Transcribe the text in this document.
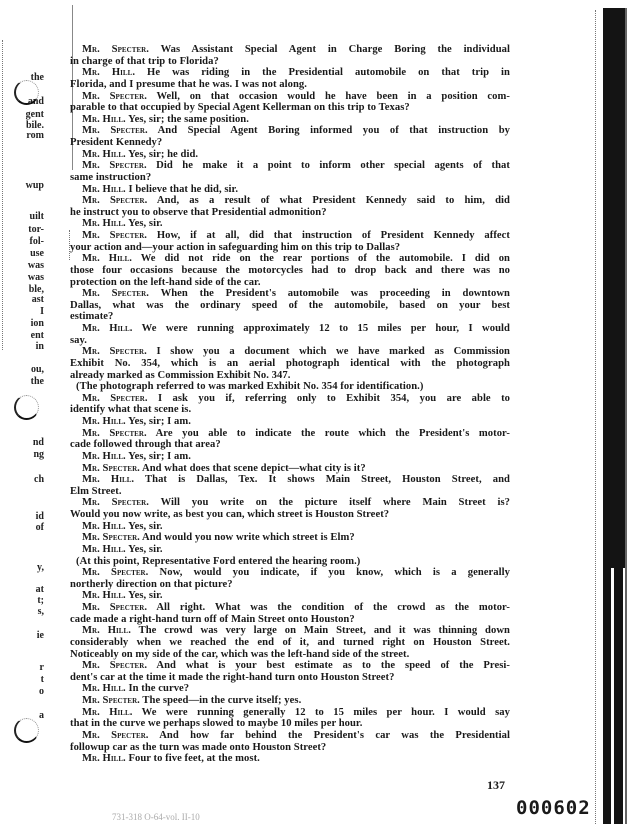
the
and
gent
bile.
rom
wup
uilt
tor-
fol-
use
was
was
ble,
ast
I
ion
ent
in
ou,
the
nd
ng
ch
id
of
y,
at
t;
s,
ie
r
t
o
a
Mr. Specter. Was Assistant Special Agent in Charge Boring the individual
in charge of that trip to Florida?
Mr. Hill. He was riding in the Presidential automobile on that trip in
Florida, and I presume that he was. I was not along.
Mr. Specter. Well, on that occasion would he have been in a position com-
parable to that occupied by Special Agent Kellerman on this trip to Texas?
Mr. Hill. Yes, sir; the same position.
Mr. Specter. And Special Agent Boring informed you of that instruction by
President Kennedy?
Mr. Hill. Yes, sir; he did.
Mr. Specter. Did he make it a point to inform other special agents of that
same instruction?
Mr. Hill. I believe that he did, sir.
Mr. Specter. And, as a result of what President Kennedy said to him, did
he instruct you to observe that Presidential admonition?
Mr. Hill. Yes, sir.
Mr. Specter. How, if at all, did that instruction of President Kennedy affect
your action and—your action in safeguarding him on this trip to Dallas?
Mr. Hill. We did not ride on the rear portions of the automobile. I did on
those four occasions because the motorcycles had to drop back and there was no
protection on the left-hand side of the car.
Mr. Specter. When the President's automobile was proceeding in downtown
Dallas, what was the ordinary speed of the automobile, based on your best
estimate?
Mr. Hill. We were running approximately 12 to 15 miles per hour, I would
say.
Mr. Specter. I show you a document which we have marked as Commission
Exhibit No. 354, which is an aerial photograph identical with the photograph
already marked as Commission Exhibit No. 347.
(The photograph referred to was marked Exhibit No. 354 for identification.)
Mr. Specter. I ask you if, referring only to Exhibit 354, you are able to
identify what that scene is.
Mr. Hill. Yes, sir; I am.
Mr. Specter. Are you able to indicate the route which the President's motor-
cade followed through that area?
Mr. Hill. Yes, sir; I am.
Mr. Specter. And what does that scene depict—what city is it?
Mr. Hill. That is Dallas, Tex. It shows Main Street, Houston Street, and
Elm Street.
Mr. Specter. Will you write on the picture itself where Main Street is?
Would you now write, as best you can, which street is Houston Street?
Mr. Hill. Yes, sir.
Mr. Specter. And would you now write which street is Elm?
Mr. Hill. Yes, sir.
(At this point, Representative Ford entered the hearing room.)
Mr. Specter. Now, would you indicate, if you know, which is a generally
northerly direction on that picture?
Mr. Hill. Yes, sir.
Mr. Specter. All right. What was the condition of the crowd as the motor-
cade made a right-hand turn off of Main Street onto Houston?
Mr. Hill. The crowd was very large on Main Street, and it was thinning down
considerably when we reached the end of it, and turned right on Houston Street.
Noticeably on my side of the car, which was the left-hand side of the street.
Mr. Specter. And what is your best estimate as to the speed of the Presi-
dent's car at the time it made the right-hand turn onto Houston Street?
Mr. Hill. In the curve?
Mr. Specter. The speed—in the curve itself; yes.
Mr. Hill. We were running generally 12 to 15 miles per hour. I would say
that in the curve we perhaps slowed to maybe 10 miles per hour.
Mr. Specter. And how far behind the President's car was the Presidential
followup car as the turn was made onto Houston Street?
Mr. Hill. Four to five feet, at the most.
137
000602
731-318 O-64-vol. II-10
